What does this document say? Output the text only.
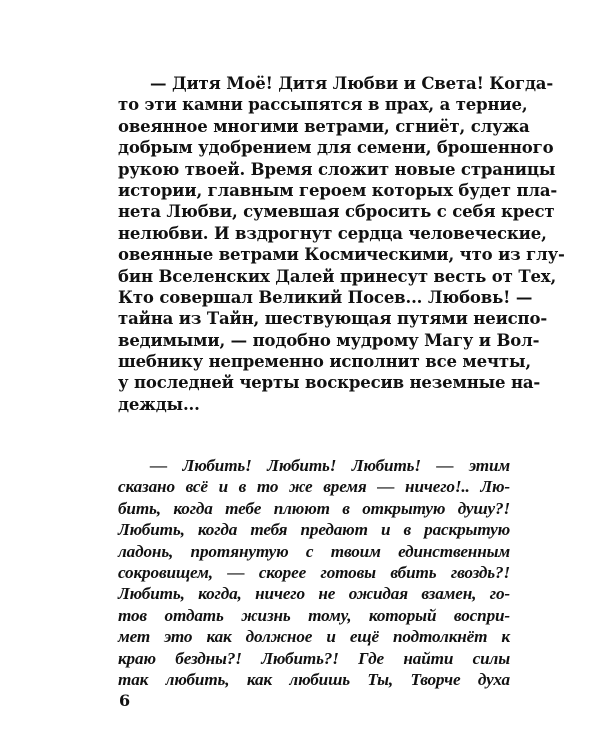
— Дитя Моё! Дитя Любви и Света! Когда-
то эти камни рассыпятся в прах, а терние,
овеянное многими ветрами, сгниёт, служа
добрым удобрением для семени, брошенного
рукою твоей. Время сложит новые страницы
истории, главным героем которых будет пла-
нета Любви, сумевшая сбросить с себя крест
нелюбви. И вздрогнут сердца человеческие,
овеянные ветрами Космическими, что из глу-
бин Вселенских Далей принесут весть от Тех,
Кто совершал Великий Посев... Любовь! —
тайна из Тайн, шествующая путями неиспо-
ведимыми, — подобно мудрому Магу и Вол-
шебнику непременно исполнит все мечты,
у последней черты воскресив неземные на-
дежды...
— Любить! Любить! Любить! — этим
сказано всё и в то же время — ничего!.. Лю-
бить, когда тебе плюют в открытую душу?!
Любить, когда тебя предают и в раскрытую
ладонь, протянутую с твоим единственным
сокровищем, — скорее готовы вбить гвоздь?!
Любить, когда, ничего не ожидая взамен, го-
тов отдать жизнь тому, который воспри-
мет это как должное и ещё подтолкнёт к
краю бездны?! Любить?! Где найти силы
так любить, как любишь Ты, Творче духа
6
